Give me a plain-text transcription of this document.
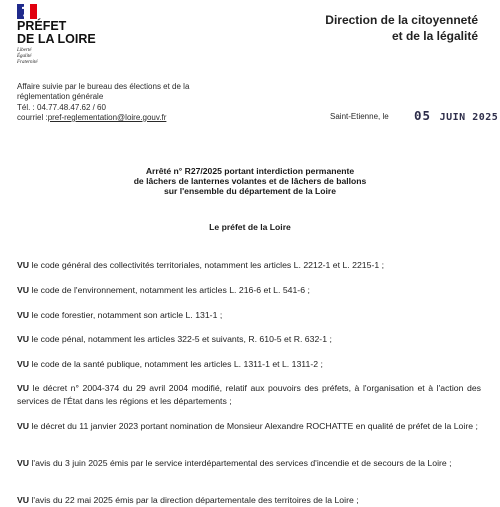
PRÉFET
DE LA LOIRE
Liberté
Égalité
Fraternité
Direction de la citoyenneté
et de la légalité
Affaire suivie par le bureau des élections et de la
réglementation générale
Tél. : 04.77.48.47.62 / 60
courriel :pref-reglementation@loire.gouv.fr	Saint-Etienne, le 05 JUIN 2025
Arrêté n° R27/2025 portant interdiction permanente
de lâchers de lanternes volantes et de lâchers de ballons
sur l'ensemble du département de la Loire
Le préfet de la Loire
VU le code général des collectivités territoriales, notamment les articles L. 2212-1 et L. 2215-1 ;
VU le code de l'environnement, notamment les articles L. 216-6 et L. 541-6 ;
VU le code forestier, notamment son article L. 131-1 ;
VU le code pénal, notamment les articles 322-5 et suivants, R. 610-5 et R. 632-1 ;
VU le code de la santé publique, notamment les articles L. 1311-1 et L. 1311-2 ;
VU le décret n° 2004-374 du 29 avril 2004 modifié, relatif aux pouvoirs des préfets, à l'organisation et à l'action des services de l'État dans les régions et les départements ;
VU le décret du 11 janvier 2023 portant nomination de Monsieur Alexandre ROCHATTE en qualité de préfet de la Loire ;
VU l'avis du 3 juin 2025 émis par le service interdépartemental des services d'incendie et de secours de la Loire ;
VU l'avis du 22 mai 2025 émis par la direction départementale des territoires de la Loire ;
